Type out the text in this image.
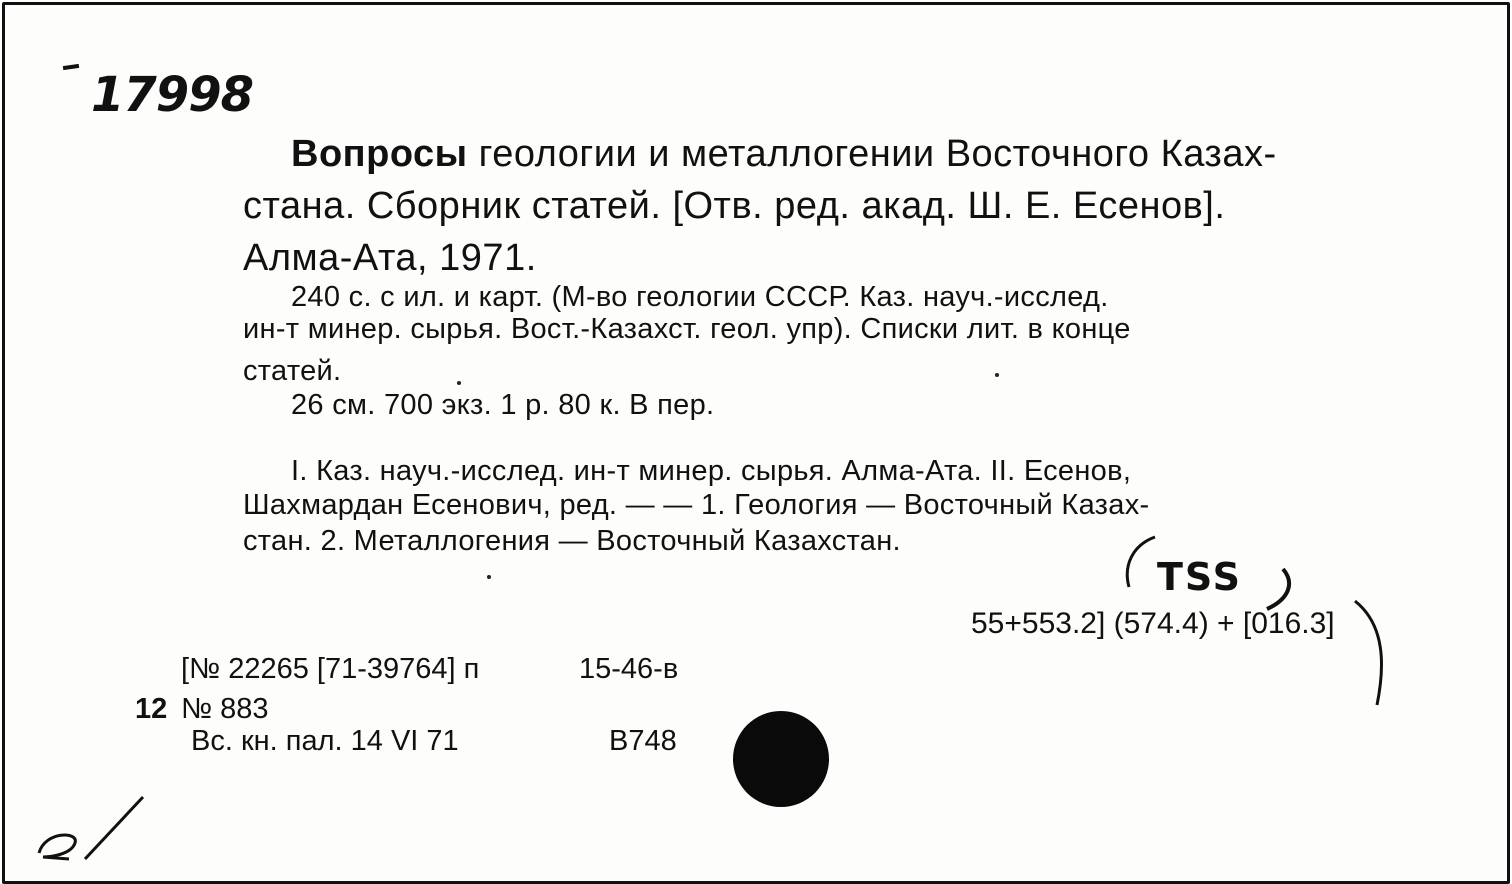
17998
Вопросы геологии и металлогении Восточного Казах-
стана. Сборник статей. [Отв. ред. акад. Ш. Е. Есенов].
Алма-Ата, 1971.
240 с. с ил. и карт. (М-во геологии СССР. Каз. науч.-исслед.
ин-т минер. сырья. Вост.-Казахст. геол. упр). Списки лит. в конце
статей.
26 см. 700 экз. 1 р. 80 к. В пер.
I. Каз. науч.-исслед. ин-т минер. сырья. Алма-Ата. II. Есенов,
Шахмардан Есенович, ред. — — 1. Геология — Восточный Казах-
стан. 2. Металлогения — Восточный Казахстан.
TSS
55+553.2] (574.4) + [016.3]
[№ 22265 [71-39764] п	15-46-в
12 № 883
Вс. кн. пал. 14 VI 71	В748
